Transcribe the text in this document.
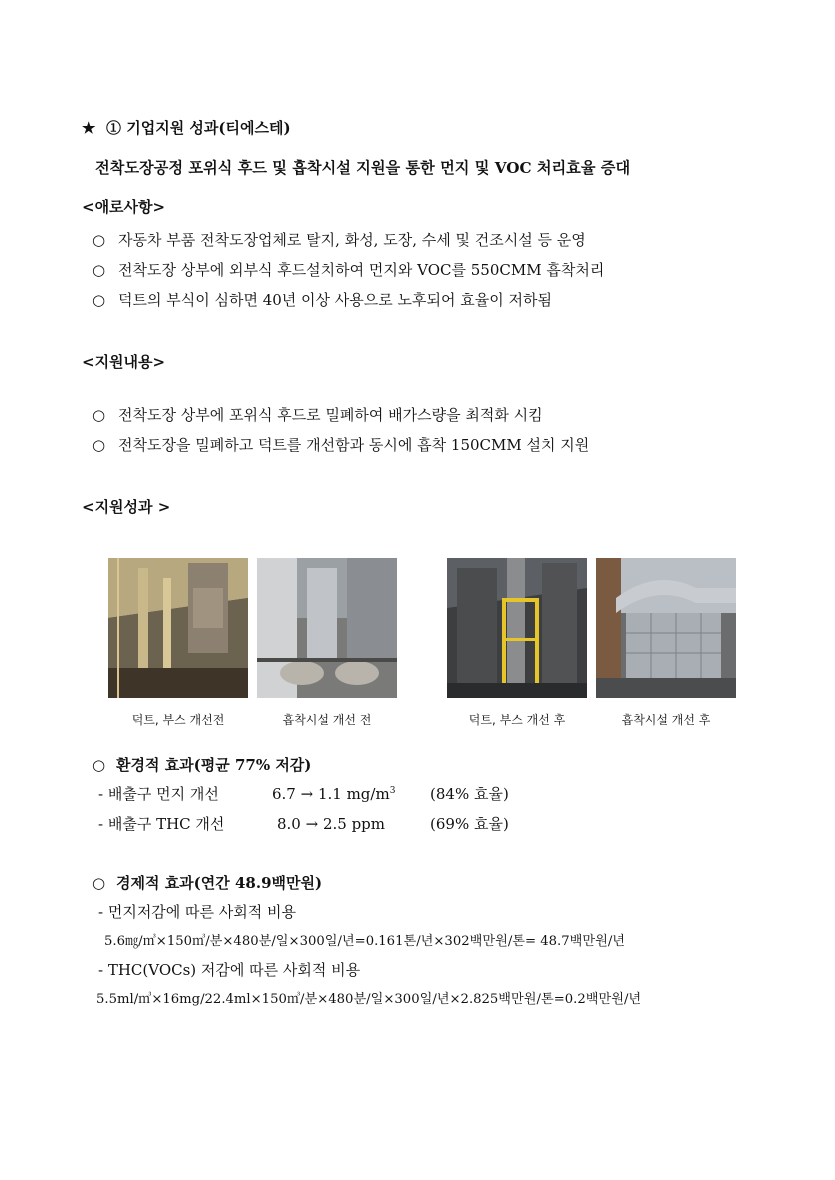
★ ① 기업지원 성과(티에스테)
전착도장공정 포위식 후드 및 흡착시설 지원을 통한 먼지 및 VOC 처리효율 증대
<애로사항>
○ 자동차 부품 전착도장업체로 탈지, 화성, 도장, 수세 및 건조시설 등 운영
○ 전착도장 상부에 외부식 후드설치하여 먼지와 VOC를 550CMM 흡착처리
○ 덕트의 부식이 심하면 40년 이상 사용으로 노후되어 효율이 저하됨
<지원내용>
○ 전착도장 상부에 포위식 후드로 밀폐하여 배가스량을 최적화 시킴
○ 전착도장을 밀폐하고 덕트를 개선함과 동시에 흡착 150CMM 설치 지원
<지원성과 >
덕트, 부스 개선전	흡착시설 개선 전	덕트, 부스 개선 후	흡착시설 개선 후
○ 환경적 효과(평균 77% 저감)
- 배출구 먼지 개선	6.7 → 1.1 $mg/m^3$ (84% 효율)
- 배출구 THC 개선	8.0 → 2.5 ppm	(69% 효율)
○ 경제적 효과(연간 48.9백만원)
- 먼지저감에 따른 사회적 비용
5.6㎎/㎥×150㎥/분×480분/일×300일/년=0.161톤/년×302백만원/톤= 48.7백만원/년
- THC(VOCs) 저감에 따른 사회적 비용
5.5ml/㎥×16mg/22.4ml×150㎥/분×480분/일×300일/년×2.825백만원/톤=0.2백만원/년
